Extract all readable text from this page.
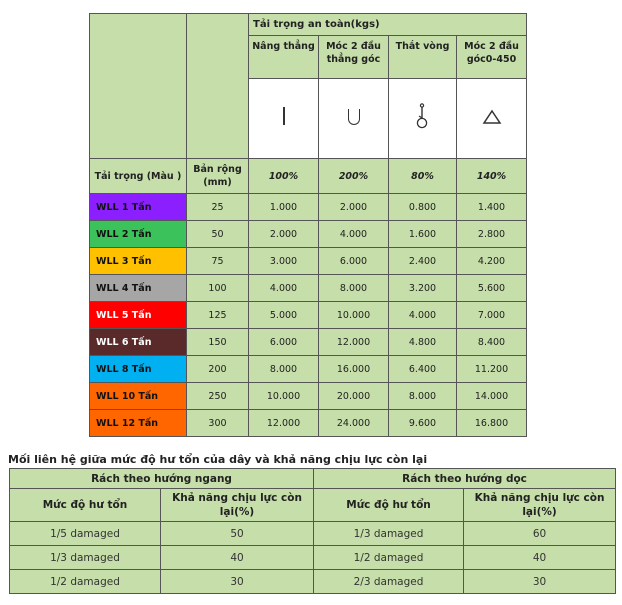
		Tải trọng an toàn(kgs)			
		Nâng thẳng	Móc 2 đầu thẳng góc	Thắt vòng	Móc 2 đầu góc0-450

Tải trọng (Màu )	Bản rộng (mm)	100%	200%	80%	140%
WLL 1 Tấn	25	1.000	2.000	0.800	1.400
WLL 2 Tấn	50	2.000	4.000	1.600	2.800
WLL 3 Tấn	75	3.000	6.000	2.400	4.200
WLL 4 Tấn	100	4.000	8.000	3.200	5.600
WLL 5 Tấn	125	5.000	10.000	4.000	7.000
WLL 6 Tấn	150	6.000	12.000	4.800	8.400
WLL 8 Tấn	200	8.000	16.000	6.400	11.200
WLL 10 Tấn	250	10.000	20.000	8.000	14.000
WLL 12 Tấn	300	12.000	24.000	9.600	16.800
Mối liên hệ giữa mức độ hư tổn của dây và khả năng chịu lực còn lại
Rách theo hướng ngang		Rách theo hướng dọc	
Mức độ hư tổn	Khả năng chịu lực còn lại(%)	Mức độ hư tổn	Khả năng chịu lực còn lại(%)
1/5 damaged	50	1/3 damaged	60
1/3 damaged	40	1/2 damaged	40
1/2 damaged	30	2/3 damaged	30
